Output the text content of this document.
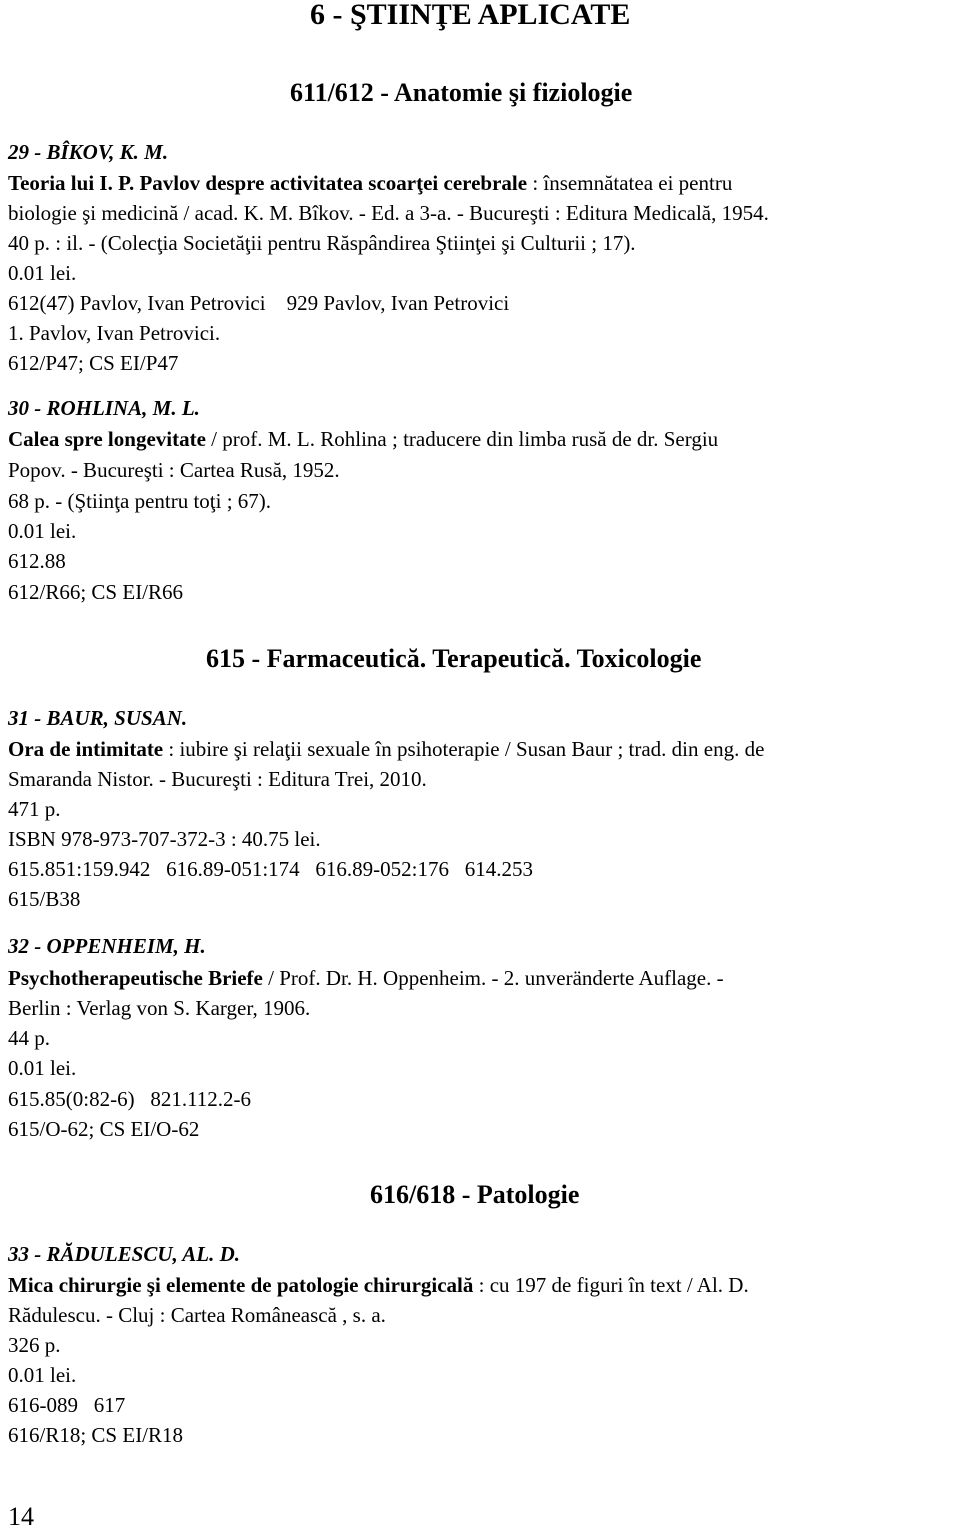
6 - ŞTIINŢE APLICATE
611/612 - Anatomie şi fiziologie
29 - BÎKOV, K. M.
Teoria lui I. P. Pavlov despre activitatea scoarţei cerebrale : însemnătatea ei pentru
biologie şi medicină / acad. K. M. Bîkov. - Ed. a 3-a. - Bucureşti : Editura Medicală, 1954.
40 p. : il. - (Colecţia Societăţii pentru Răspândirea Ştiinţei şi Culturii ; 17).
0.01 lei.
612(47) Pavlov, Ivan Petrovici    929 Pavlov, Ivan Petrovici
1. Pavlov, Ivan Petrovici.
612/P47; CS EI/P47
30 - ROHLINA, M. L.
Calea spre longevitate / prof. M. L. Rohlina ; traducere din limba rusă de dr. Sergiu
Popov. - Bucureşti : Cartea Rusă, 1952.
68 p. - (Ştiinţa pentru toţi ; 67).
0.01 lei.
612.88
612/R66; CS EI/R66
615 - Farmaceutică. Terapeutică. Toxicologie
31 - BAUR, SUSAN.
Ora de intimitate : iubire şi relaţii sexuale în psihoterapie / Susan Baur ; trad. din eng. de
Smaranda Nistor. - Bucureşti : Editura Trei, 2010.
471 p.
ISBN 978-973-707-372-3 : 40.75 lei.
615.851:159.942   616.89-051:174   616.89-052:176   614.253
615/B38
32 - OPPENHEIM, H.
Psychotherapeutische Briefe / Prof. Dr. H. Oppenheim. - 2. unveränderte Auflage. -
Berlin : Verlag von S. Karger, 1906.
44 p.
0.01 lei.
615.85(0:82-6)   821.112.2-6
615/O-62; CS EI/O-62
616/618 - Patologie
33 - RĂDULESCU, AL. D.
Mica chirurgie şi elemente de patologie chirurgicală : cu 197 de figuri în text / Al. D.
Rădulescu. - Cluj : Cartea Românească , s. a.
326 p.
0.01 lei.
616-089   617
616/R18; CS EI/R18
14
